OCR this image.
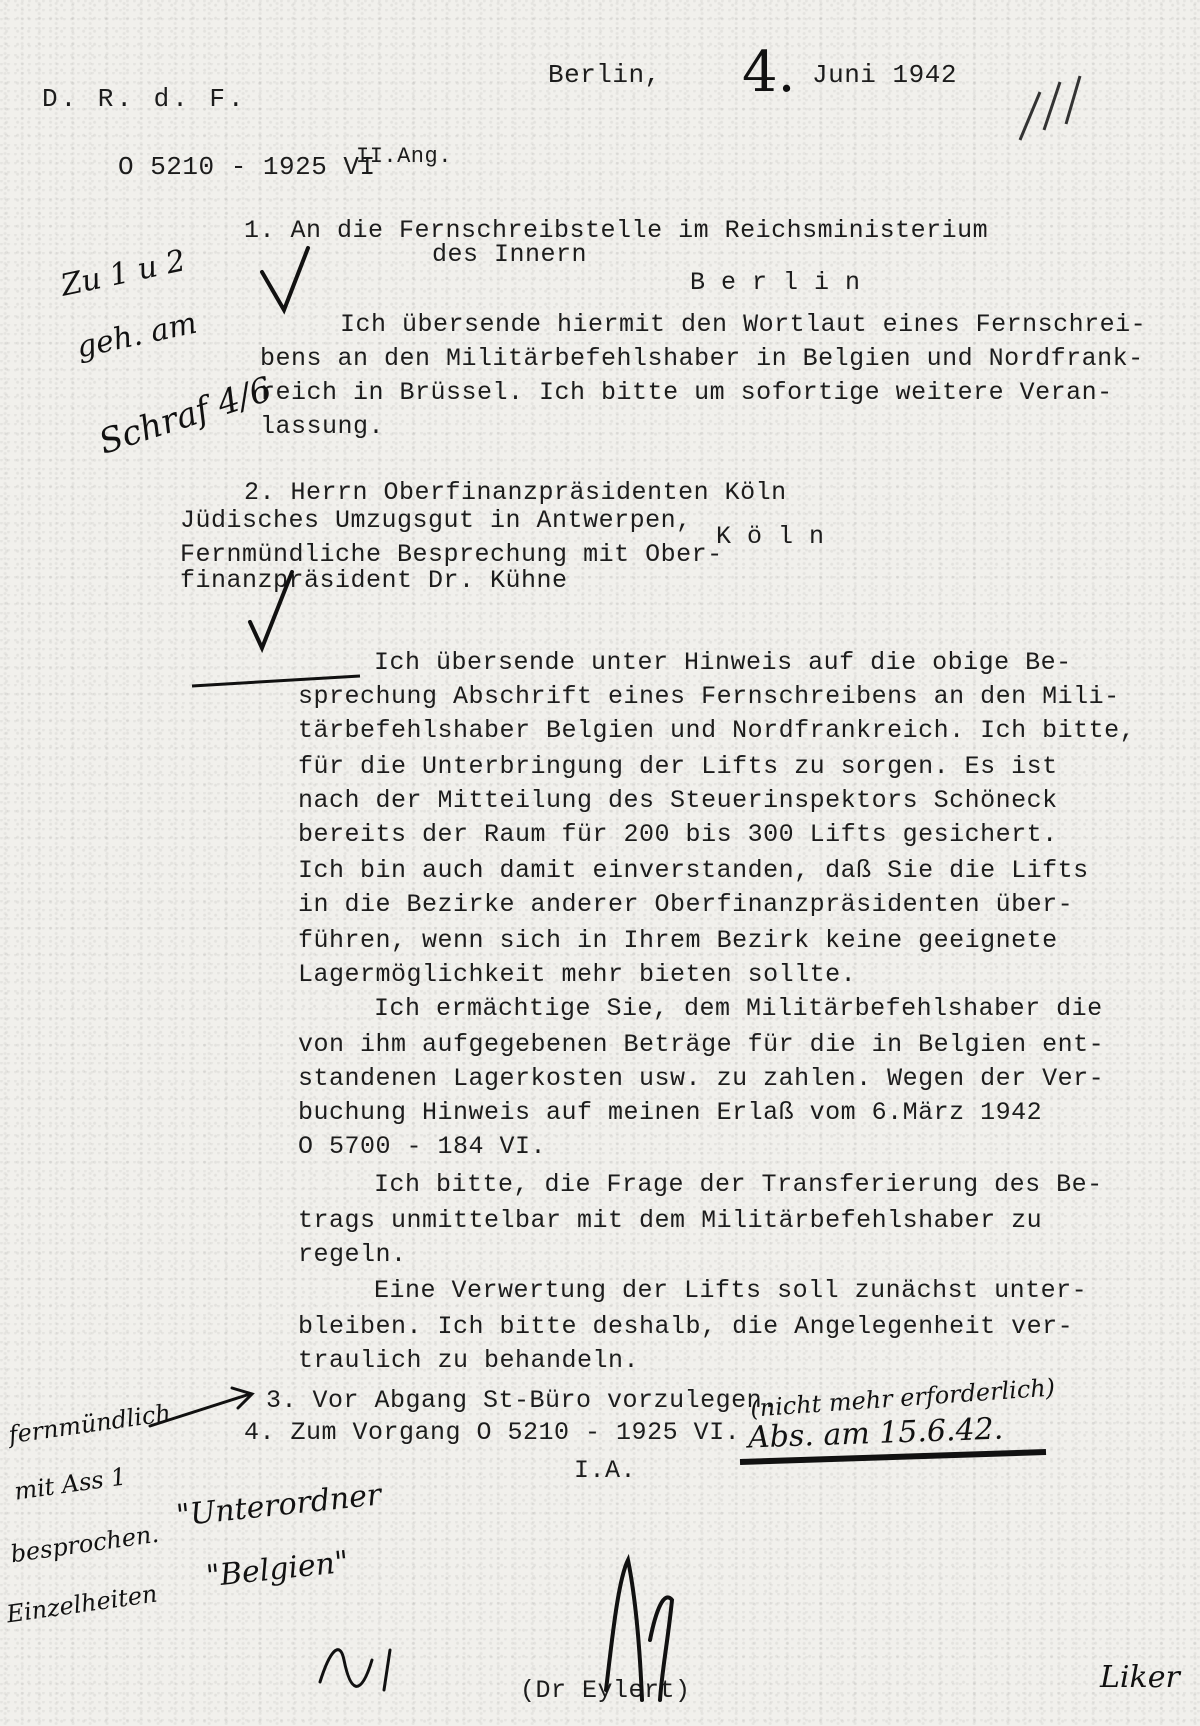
D. R. d. F.
Berlin, 4. Juni 1942
O 5210 - 1925 VI
II.Ang.
1. An die Fernschreibstelle im Reichsministerium
des Innern
B e r l i n
Ich übersende hiermit den Wortlaut eines Fernschrei-
bens an den Militärbefehlshaber in Belgien und Nordfrank-
reich in Brüssel. Ich bitte um sofortige weitere Veran-
lassung.
2. Herrn Oberfinanzpräsidenten Köln
Jüdisches Umzugsgut in Antwerpen,
K ö l n
Fernmündliche Besprechung mit Ober-
finanzpräsident Dr. Kühne
Ich übersende unter Hinweis auf die obige Be-
sprechung Abschrift eines Fernschreibens an den Mili-
tärbefehlshaber Belgien und Nordfrankreich. Ich bitte,
für die Unterbringung der Lifts zu sorgen. Es ist
nach der Mitteilung des Steuerinspektors Schöneck
bereits der Raum für 200 bis 300 Lifts gesichert.
Ich bin auch damit einverstanden, daß Sie die Lifts
in die Bezirke anderer Oberfinanzpräsidenten über-
führen, wenn sich in Ihrem Bezirk keine geeignete
Lagermöglichkeit mehr bieten sollte.
Ich ermächtige Sie, dem Militärbefehlshaber die
von ihm aufgegebenen Beträge für die in Belgien ent-
standenen Lagerkosten usw. zu zahlen. Wegen der Ver-
buchung Hinweis auf meinen Erlaß vom 6.März 1942
O 5700 - 184 VI.
Ich bitte, die Frage der Transferierung des Be-
trags unmittelbar mit dem Militärbefehlshaber zu
regeln.
Eine Verwertung der Lifts soll zunächst unter-
bleiben. Ich bitte deshalb, die Angelegenheit ver-
traulich zu behandeln.
3. Vor Abgang St-Büro vorzulegen.
4. Zum Vorgang O 5210 - 1925 VI.
I.A.
(Dr Eylert)
Zu 1 u 2
geh. am
Schraf 4/6
(nicht mehr erforderlich)
Abs. am 15.6.42.
fernmündlich
mit Ass 1
besprochen.
Einzelheiten
"Unterordner
"Belgien"
Liker
